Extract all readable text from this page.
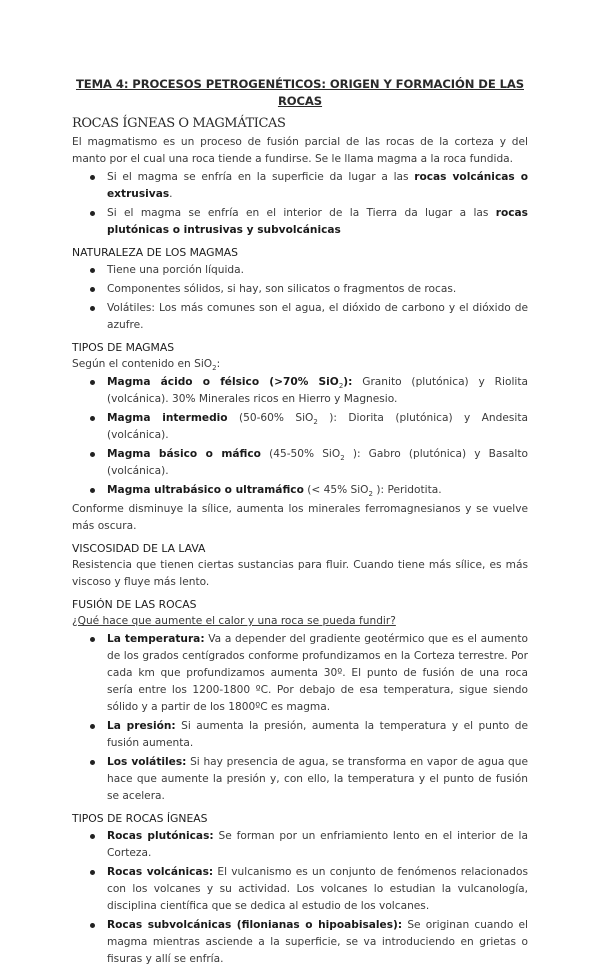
TEMA 4: PROCESOS PETROGENÉTICOS: ORIGEN Y FORMACIÓN DE LAS ROCAS
ROCAS ÍGNEAS O MAGMÁTICAS

El magmatismo es un proceso de fusión parcial de las rocas de la corteza y del manto por el cual una roca tiende a fundirse. Se le llama magma a la roca fundida.

Si el magma se enfría en la superficie da lugar a las rocas volcánicas o extrusivas.
Si el magma se enfría en el interior de la Tierra da lugar a las rocas plutónicas o intrusivas y subvolcánicas
NATURALEZA DE LOS MAGMAS
Tiene una porción líquida.
Componentes sólidos, si hay, son silicatos o fragmentos de rocas.
Volátiles: Los más comunes son el agua, el dióxido de carbono y el dióxido de azufre.
TIPOS DE MAGMAS

Según el contenido en SiO$_2$:

Magma ácido o félsico (>70% SiO$_2$): Granito (plutónica) y Riolita (volcánica). 30% Minerales ricos en Hierro y Magnesio.
Magma intermedio (50-60% SiO$_2$ ): Diorita (plutónica) y Andesita (volcánica).
Magma básico o máfico (45-50% SiO$_2$ ): Gabro (plutónica) y Basalto (volcánica).
Magma ultrabásico o ultramáfico (< 45% SiO$_2$ ): Peridotita.

Conforme disminuye la sílice, aumenta los minerales ferromagnesianos y se vuelve más oscura.

VISCOSIDAD DE LA LAVA

Resistencia que tienen ciertas sustancias para fluir. Cuando tiene más sílice, es más viscoso y fluye más lento.

FUSIÓN DE LAS ROCAS

¿Qué hace que aumente el calor y una roca se pueda fundir?

La temperatura: Va a depender del gradiente geotérmico que es el aumento de los grados centígrados conforme profundizamos en la Corteza terrestre. Por cada km que profundizamos aumenta 30º. El punto de fusión de una roca sería entre los 1200-1800 ºC. Por debajo de esa temperatura, sigue siendo sólido y a partir de los 1800ºC es magma.
La presión: Si aumenta la presión, aumenta la temperatura y el punto de fusión aumenta.
Los volátiles: Si hay presencia de agua, se transforma en vapor de agua que hace que aumente la presión y, con ello, la temperatura y el punto de fusión se acelera.
TIPOS DE ROCAS ÍGNEAS
Rocas plutónicas: Se forman por un enfriamiento lento en el interior de la Corteza.
Rocas volcánicas: El vulcanismo es un conjunto de fenómenos relacionados con los volcanes y su actividad. Los volcanes lo estudian la vulcanología, disciplina científica que se dedica al estudio de los volcanes.
Rocas subvolcánicas (filonianas o hipoabisales): Se originan cuando el magma mientras asciende a la superficie, se va introduciendo en grietas o fisuras y allí se enfría.
